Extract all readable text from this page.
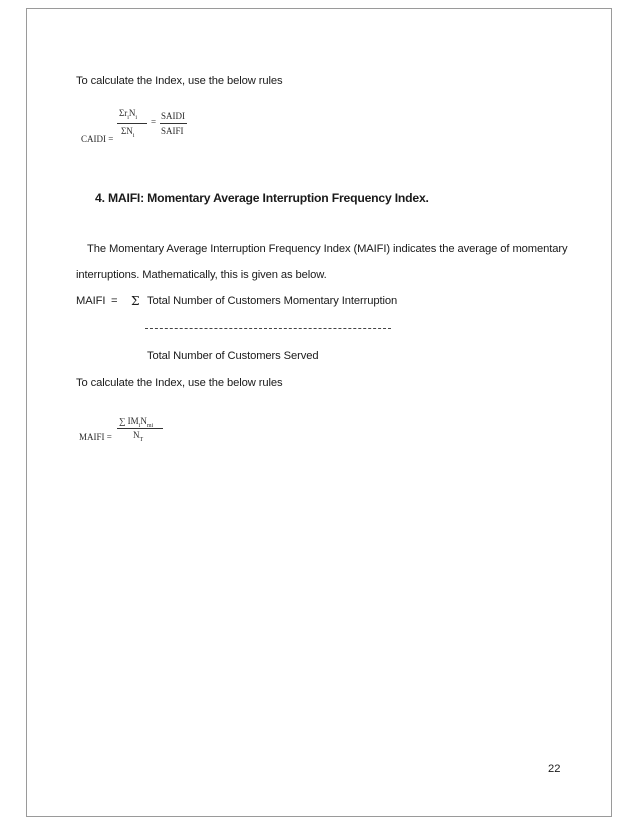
To calculate the Index, use the below rules
CAIDI =
$\Sigma r_iN_i$
$\Sigma N_i$
=
SAIDI
SAIFI
4. MAIFI: Momentary Average Interruption Frequency Index.
The Momentary Average Interruption Frequency Index (MAIFI) indicates the average of momentary
interruptions. Mathematically, this is given as below.
MAIFI = Σ Total Number of Customers Momentary Interruption
Total Number of Customers Served
To calculate the Index, use the below rules
MAIFI =
∑ $IM_iN_{mi}$
$N_T$
22
